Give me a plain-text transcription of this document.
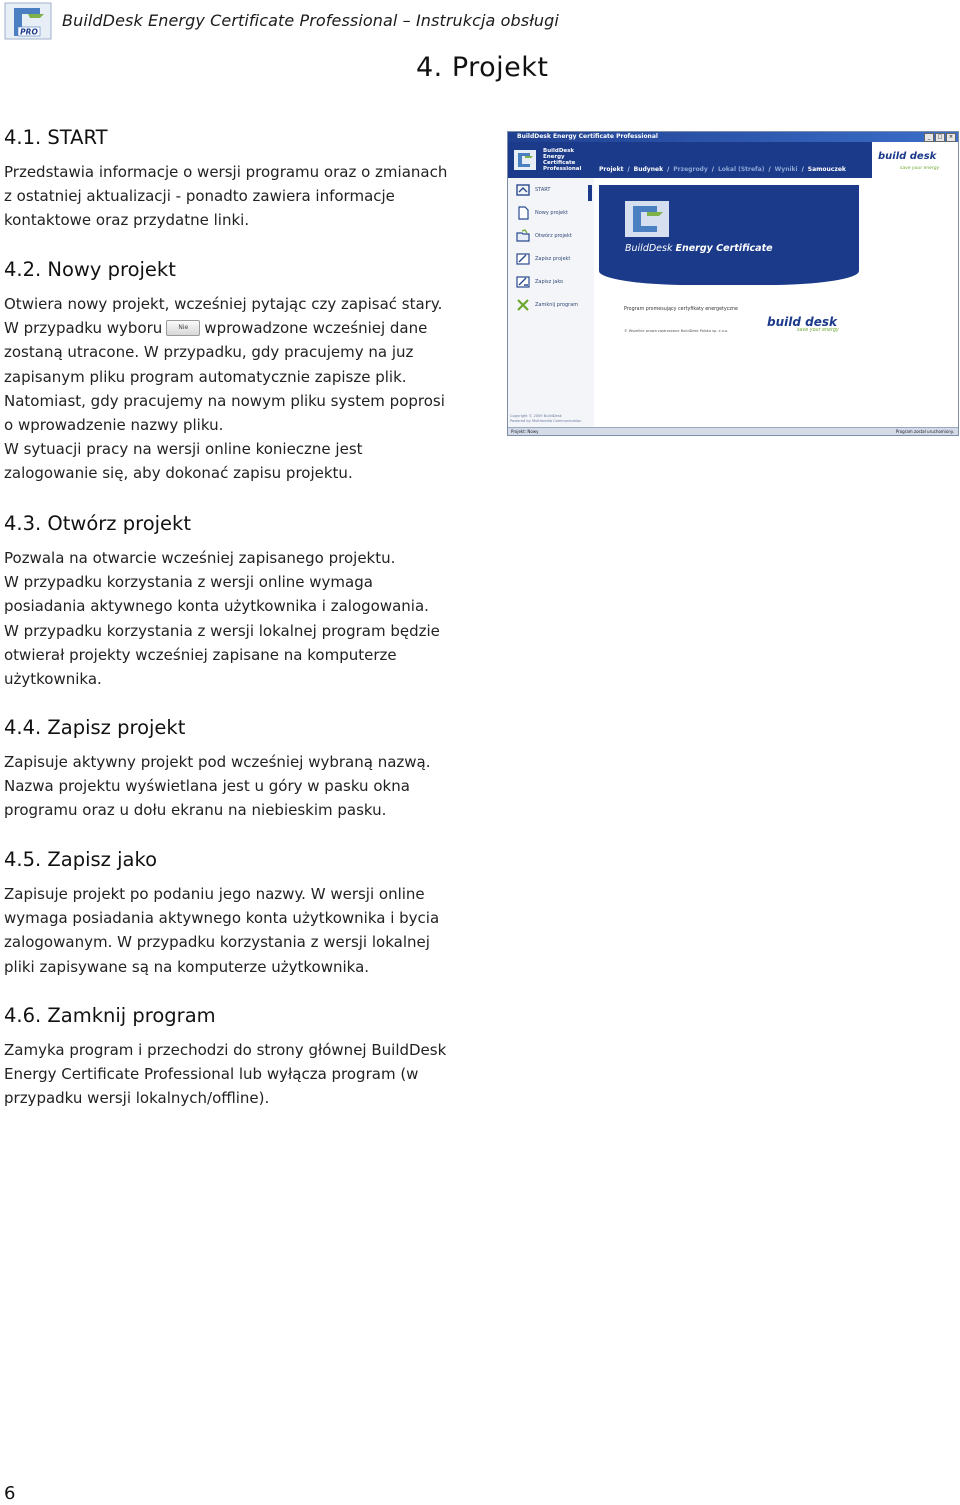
PRO
BuildDesk Energy Certificate Professional – Instrukcja obsługi
4. Projekt
4.1. START

Przedstawia informacje o wersji programu oraz o zmianach z ostatniej aktualizacji - ponadto zawiera informacje kontaktowe oraz przydatne linki.

4.2. Nowy projekt

Otwiera nowy projekt, wcześniej pytając czy zapisać stary. W przypadku wyboru	Nie wprowadzone wcześniej dane zostaną utracone. W przypadku, gdy pracujemy na juz zapisanym pliku program automatycznie zapisze plik. Natomiast, gdy pracujemy na nowym pliku system poprosi o wprowadzenie nazwy pliku.

W sytuacji pracy na wersji online konieczne jest zalogowanie się, aby dokonać zapisu projektu.

4.3. Otwórz projekt

Pozwala na otwarcie wcześniej zapisanego projektu.

W przypadku korzystania z wersji online wymaga posiadania aktywnego konta użytkownika i zalogowania.

W przypadku korzystania z wersji lokalnej program będzie otwierał projekty wcześniej zapisane na komputerze użytkownika.

4.4. Zapisz projekt

Zapisuje aktywny projekt pod wcześniej wybraną nazwą.

Nazwa projektu wyświetlana jest u góry w pasku okna programu oraz u dołu ekranu na niebieskim pasku.

4.5. Zapisz jako

Zapisuje projekt po podaniu jego nazwy. W wersji online wymaga posiadania aktywnego konta użytkownika i bycia zalogowanym. W przypadku korzystania z wersji lokalnej pliki zapisywane są na komputerze użytkownika.

4.6. Zamknij program

Zamyka program i przechodzi do strony głównej BuildDesk Energy Certificate Professional lub wyłącza program (w przypadku wersji lokalnych/offline).

6
BuildDesk Energy Certificate Professional	_	□	×
BuildDesk
Energy
Certificate
Professional	Projekt / Budynek / Przegrody / Lokal (Strefa) / Wyniki / Samouczek
build desk
save your energy
START
Nowy projekt
Otwórz projekt
Zapisz projekt
Zapisz jako
Zamknij program
Copyright © 2009 BuildDesk
Powered by Multimedia Communication
BuildDesk Energy Certificate
Program promesujący certyfikaty energetyczne
© Wszelkie prawa zastrzeżone BuildDesk Polska sp. z o.o.
build desk
save your energy
Projekt: Nowy	Program został uruchomiony.
